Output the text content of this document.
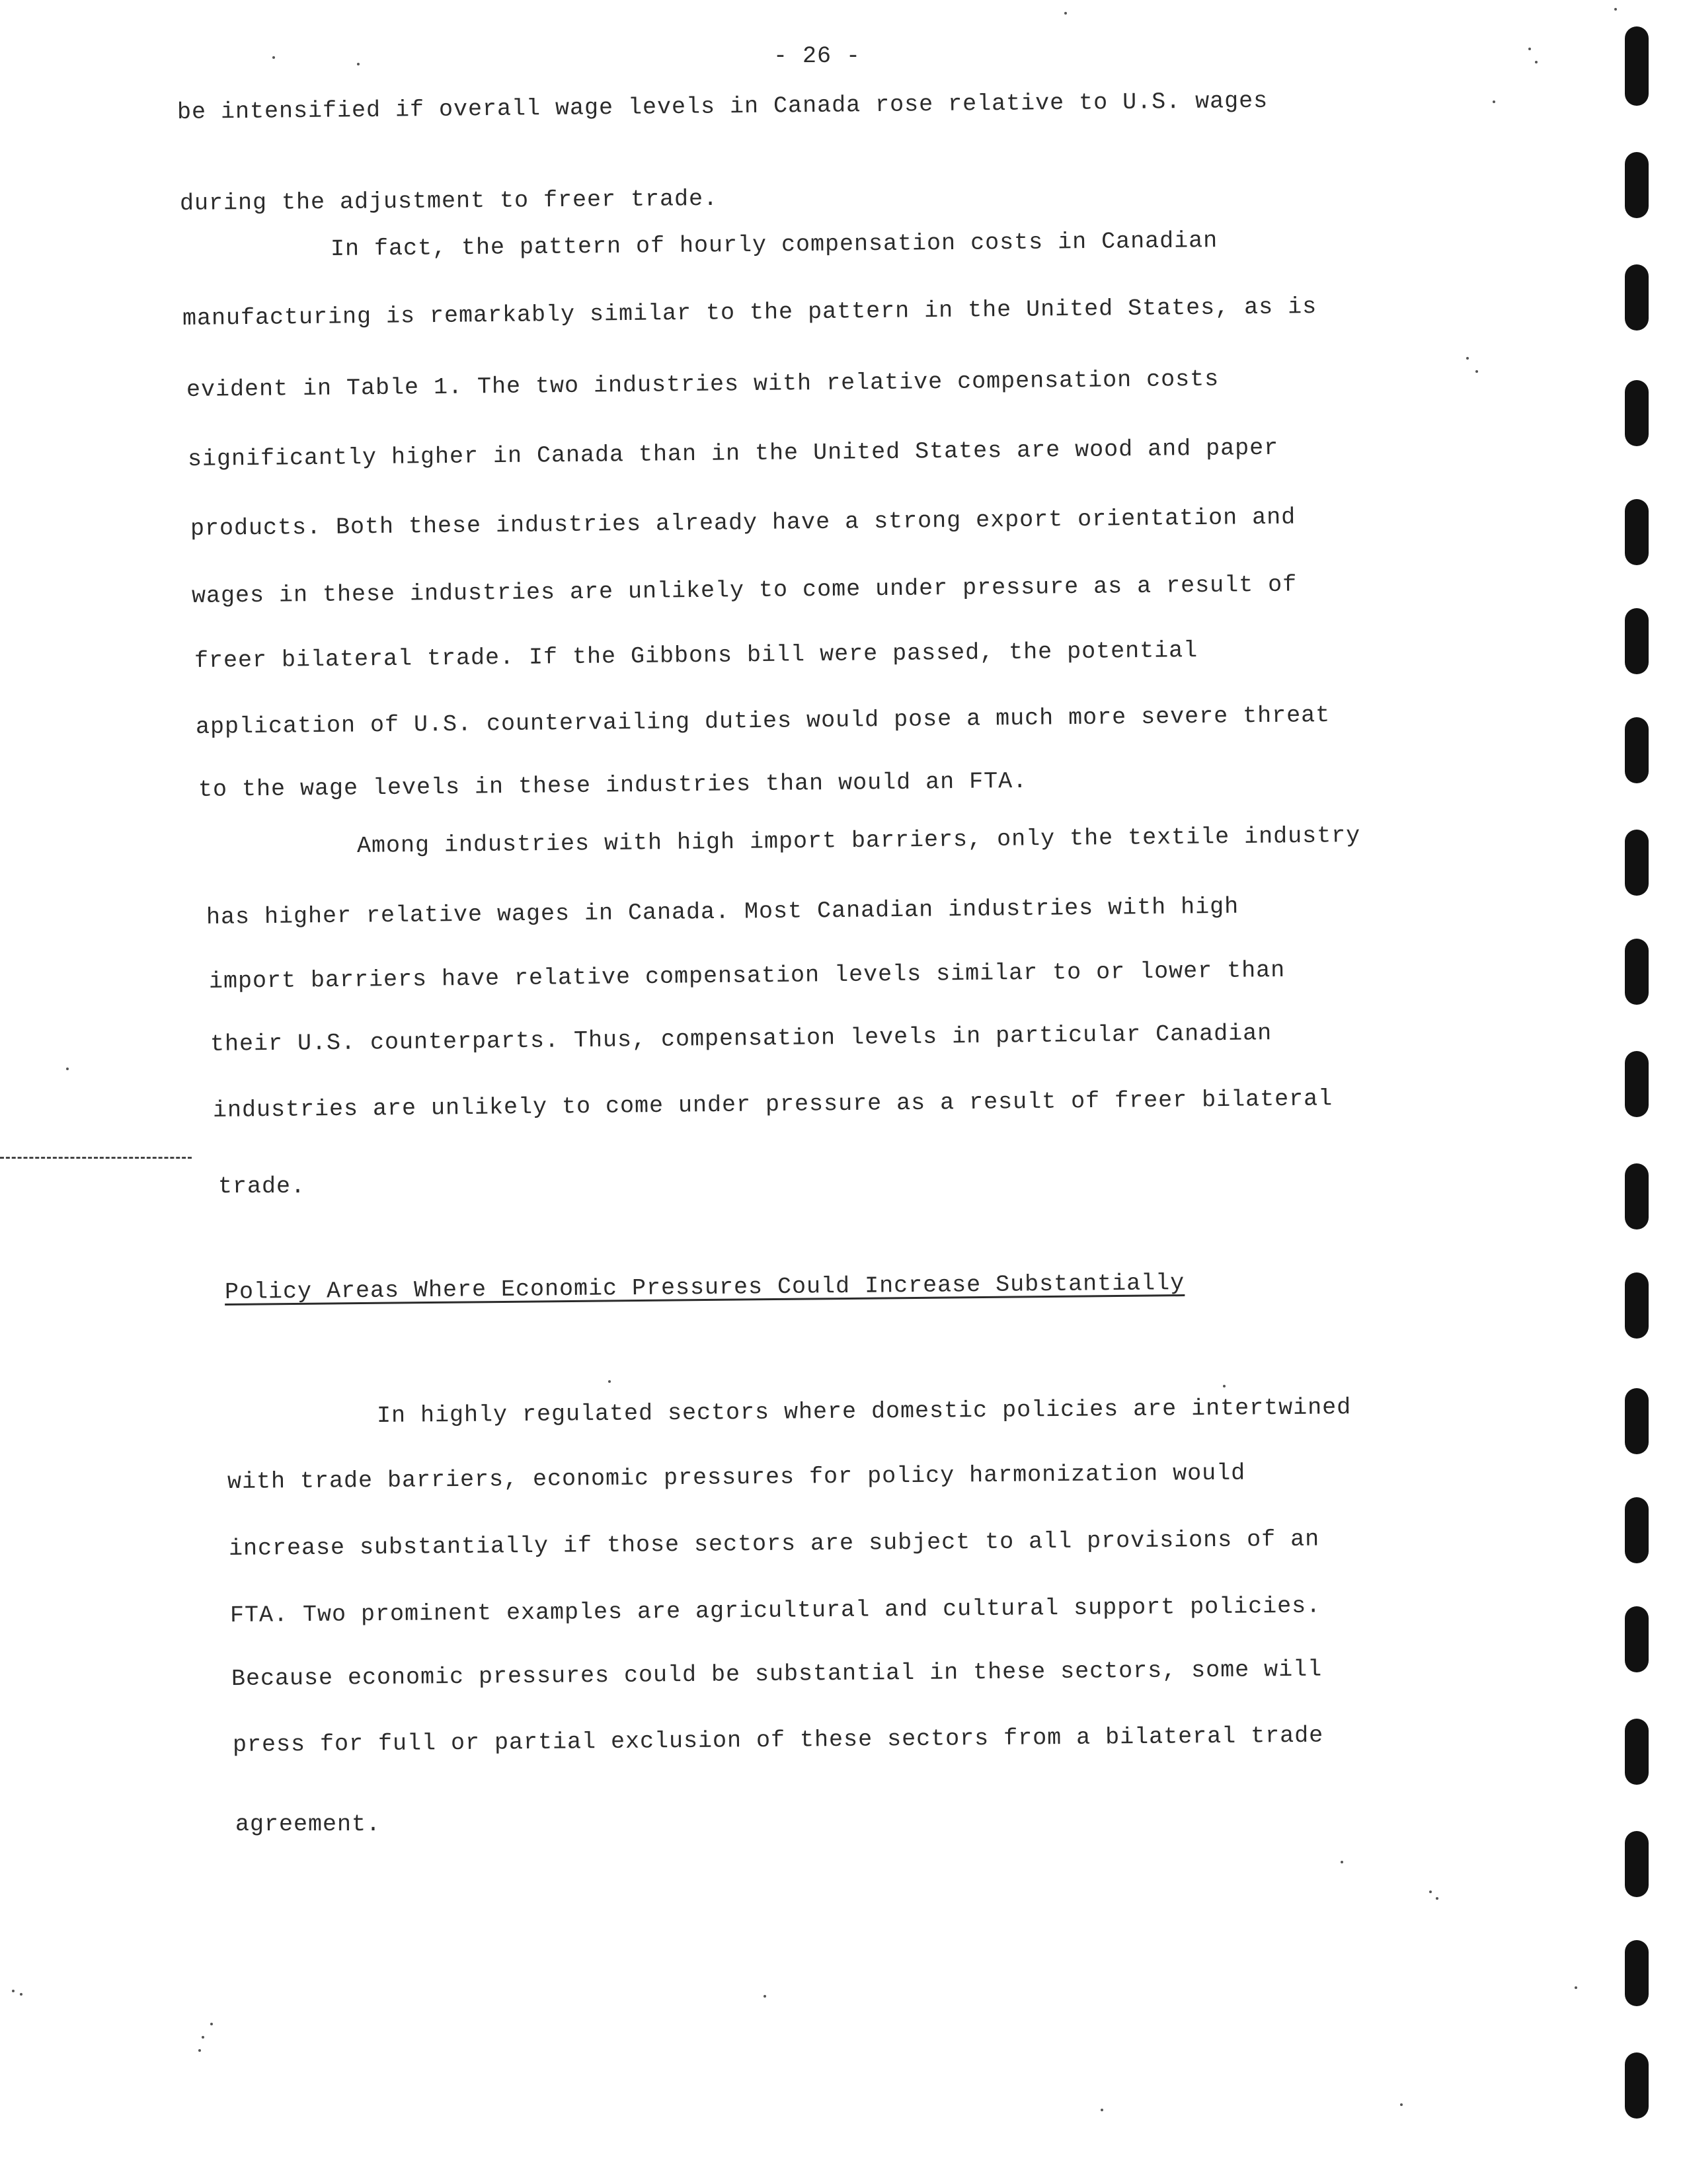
- 26 -
be intensified if overall wage levels in Canada rose relative to U.S. wages
during the adjustment to freer trade.
In fact, the pattern of hourly compensation costs in Canadian
manufacturing is remarkably similar to the pattern in the United States, as is
evident in Table 1. The two industries with relative compensation costs
significantly higher in Canada than in the United States are wood and paper
products. Both these industries already have a strong export orientation and
wages in these industries are unlikely to come under pressure as a result of
freer bilateral trade. If the Gibbons bill were passed, the potential
application of U.S. countervailing duties would pose a much more severe threat
to the wage levels in these industries than would an FTA.
Among industries with high import barriers, only the textile industry
has higher relative wages in Canada. Most Canadian industries with high
import barriers have relative compensation levels similar to or lower than
their U.S. counterparts. Thus, compensation levels in particular Canadian
industries are unlikely to come under pressure as a result of freer bilateral
trade.
Policy Areas Where Economic Pressures Could Increase Substantially
In highly regulated sectors where domestic policies are intertwined
with trade barriers, economic pressures for policy harmonization would
increase substantially if those sectors are subject to all provisions of an
FTA. Two prominent examples are agricultural and cultural support policies.
Because economic pressures could be substantial in these sectors, some will
press for full or partial exclusion of these sectors from a bilateral trade
agreement.
